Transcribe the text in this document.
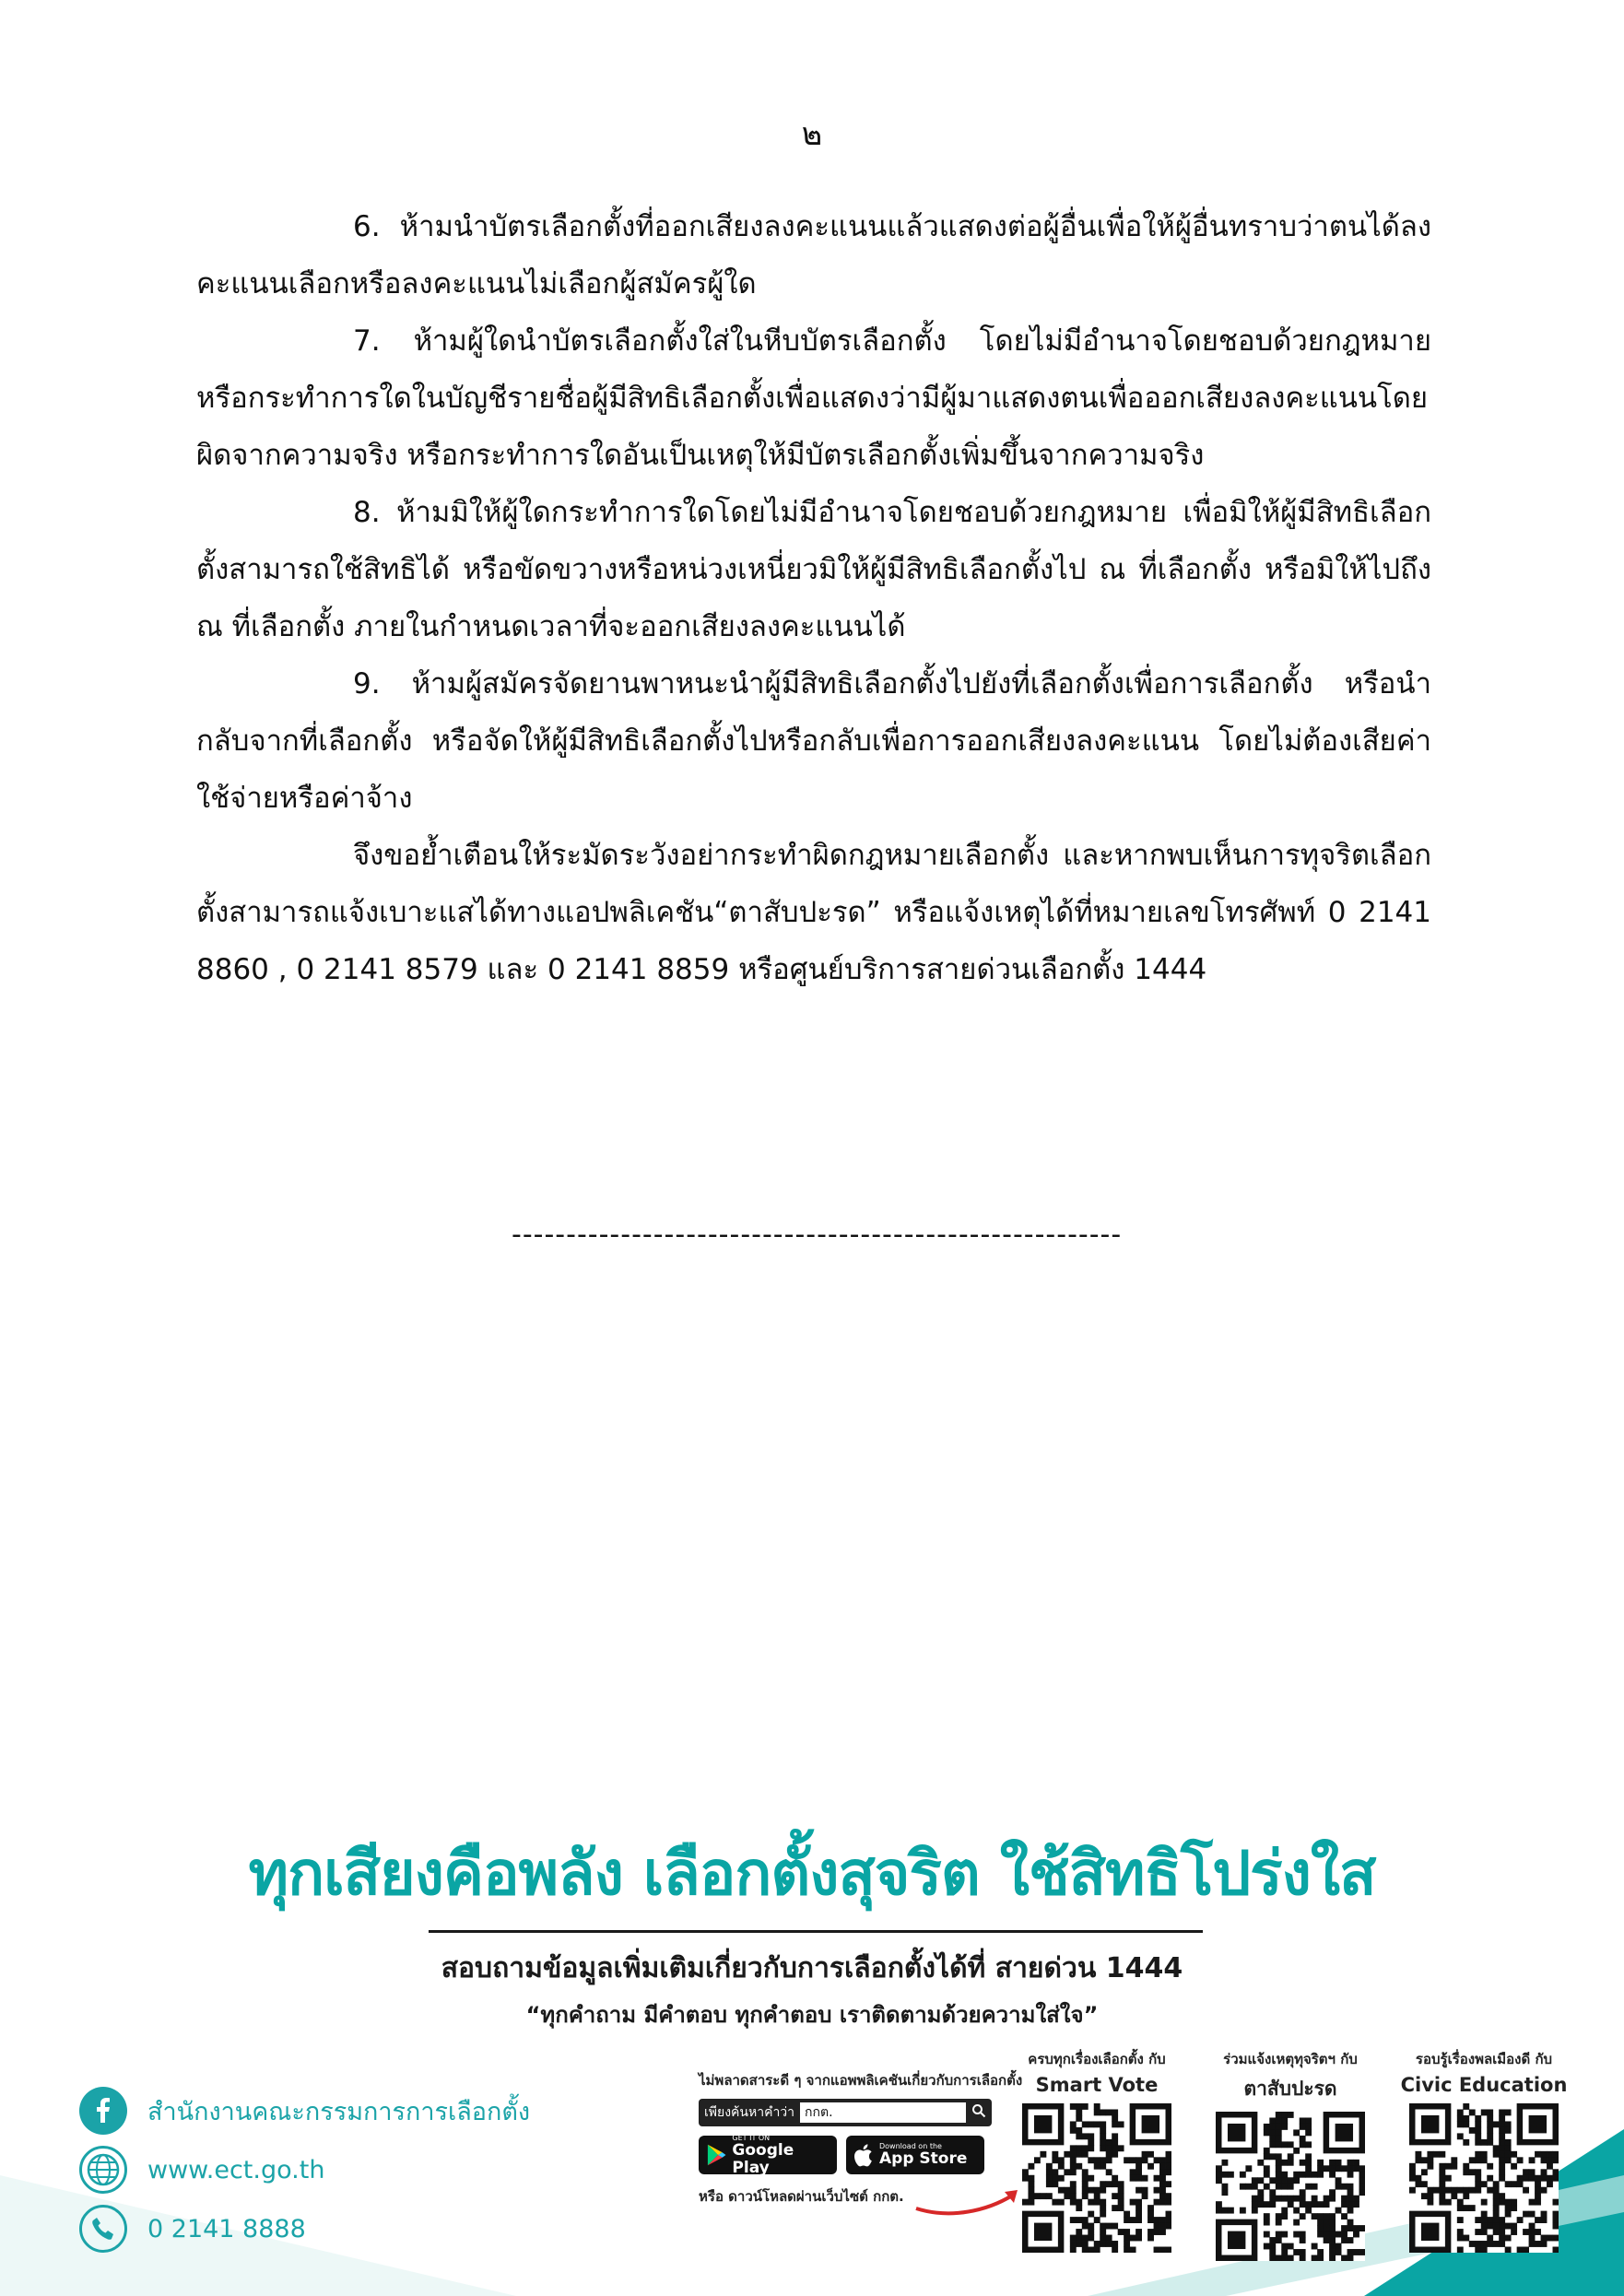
๒

6. ห้ามนำบัตรเลือกตั้งที่ออกเสียงลงคะแนนแล้วแสดงต่อผู้อื่นเพื่อให้ผู้อื่นทราบว่าตนได้ลงคะแนนเลือกหรือลงคะแนนไม่เลือกผู้สมัครผู้ใด

7. ห้ามผู้ใดนำบัตรเลือกตั้งใส่ในหีบบัตรเลือกตั้ง โดยไม่มีอำนาจโดยชอบด้วยกฎหมาย หรือกระทำการใดในบัญชีรายชื่อผู้มีสิทธิเลือกตั้งเพื่อแสดงว่ามีผู้มาแสดงตนเพื่อออกเสียงลงคะแนนโดยผิดจากความจริง หรือกระทำการใดอันเป็นเหตุให้มีบัตรเลือกตั้งเพิ่มขึ้นจากความจริง

8. ห้ามมิให้ผู้ใดกระทำการใดโดยไม่มีอำนาจโดยชอบด้วยกฎหมาย เพื่อมิให้ผู้มีสิทธิเลือกตั้งสามารถใช้สิทธิได้ หรือขัดขวางหรือหน่วงเหนี่ยวมิให้ผู้มีสิทธิเลือกตั้งไป ณ ที่เลือกตั้ง หรือมิให้ไปถึง ณ ที่เลือกตั้ง ภายในกำหนดเวลาที่จะออกเสียงลงคะแนนได้

9. ห้ามผู้สมัครจัดยานพาหนะนำผู้มีสิทธิเลือกตั้งไปยังที่เลือกตั้งเพื่อการเลือกตั้ง หรือนำกลับจากที่เลือกตั้ง หรือจัดให้ผู้มีสิทธิเลือกตั้งไปหรือกลับเพื่อการออกเสียงลงคะแนน โดยไม่ต้องเสียค่าใช้จ่ายหรือค่าจ้าง

จึงขอย้ำเตือนให้ระมัดระวังอย่ากระทำผิดกฎหมายเลือกตั้ง และหากพบเห็นการทุจริตเลือกตั้งสามารถแจ้งเบาะแสได้ทางแอปพลิเคชัน“ตาสับปะรด” หรือแจ้งเหตุได้ที่หมายเลขโทรศัพท์ 0 2141 8860 , 0 2141 8579 และ 0 2141 8859 หรือศูนย์บริการสายด่วนเลือกตั้ง 1444

--------------------------------------------------------
ทุกเสียงคือพลัง เลือกตั้งสุจริต ใช้สิทธิโปร่งใส
สอบถามข้อมูลเพิ่มเติมเกี่ยวกับการเลือกตั้งได้ที่ สายด่วน 1444
“ทุกคำถาม มีคำตอบ ทุกคำตอบ เราติดตามด้วยความใส่ใจ”
สำนักงานคณะกรรมการการเลือกตั้ง
www.ect.go.th
0 2141 8888
ไม่พลาดสาระดี ๆ จากแอพพลิเคชันเกี่ยวกับการเลือกตั้ง
เพียงค้นหาคำว่า กกต.
GET IT ON
Google Play
Download on the
App Store
หรือ ดาวน์โหลดผ่านเว็บไซต์ กกต.
ครบทุกเรื่องเลือกตั้ง กับ
Smart Vote
ร่วมแจ้งเหตุทุจริตฯ กับ
ตาสับปะรด
รอบรู้เรื่องพลเมืองดี กับ
Civic Education
